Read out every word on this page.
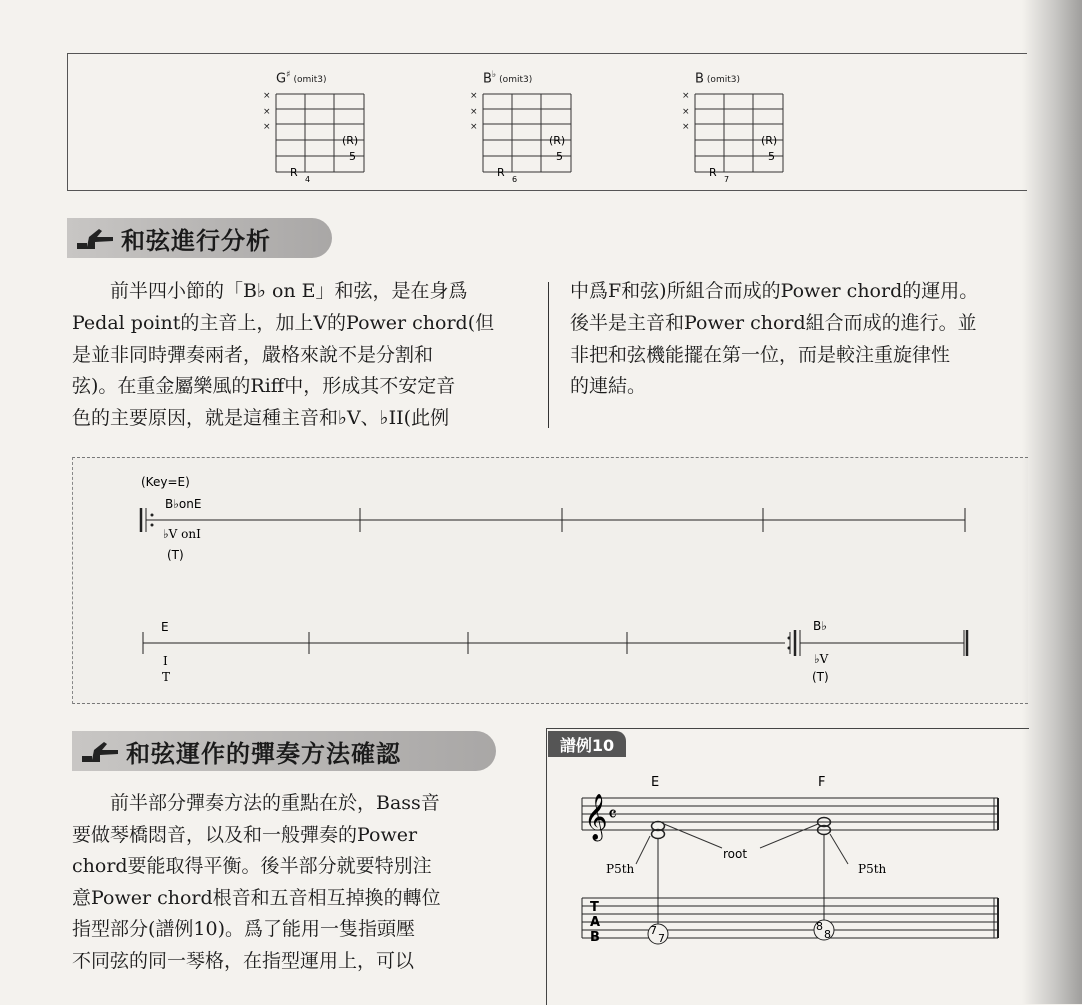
G♯(omit3)
×
×
×
(R)
5
R
4
B♭(omit3)
×
×
×
(R)
5
R
6
B (omit3)
×
×
×
(R)
5
R
7
和弦進行分析
前半四小節的「B♭ on E」和弦，是在身爲
Pedal point的主音上，加上V的Power chord(但
是並非同時彈奏兩者，嚴格來說不是分割和
弦)。在重金屬樂風的Riff中，形成其不安定音
色的主要原因，就是這種主音和♭V、♭II(此例
中爲F和弦)所組合而成的Power chord的運用。
後半是主音和Power chord組合而成的進行。並
非把和弦機能擺在第一位，而是較注重旋律性
的連結。
(Key=E)
B♭onE
♭V onI
(T)
E
I
T
B♭
♭V
(T)
和弦運作的彈奏方法確認
前半部分彈奏方法的重點在於，Bass音
要做琴橋悶音，以及和一般彈奏的Power
chord要能取得平衡。後半部分就要特別注
意Power chord根音和五音相互掉換的轉位
指型部分(譜例10)。爲了能用一隻指頭壓
不同弦的同一琴格，在指型運用上，可以
譜例10
E	F
𝄞 𝄴
P5th
root
P5th
T
A
B	7
7
8
8
